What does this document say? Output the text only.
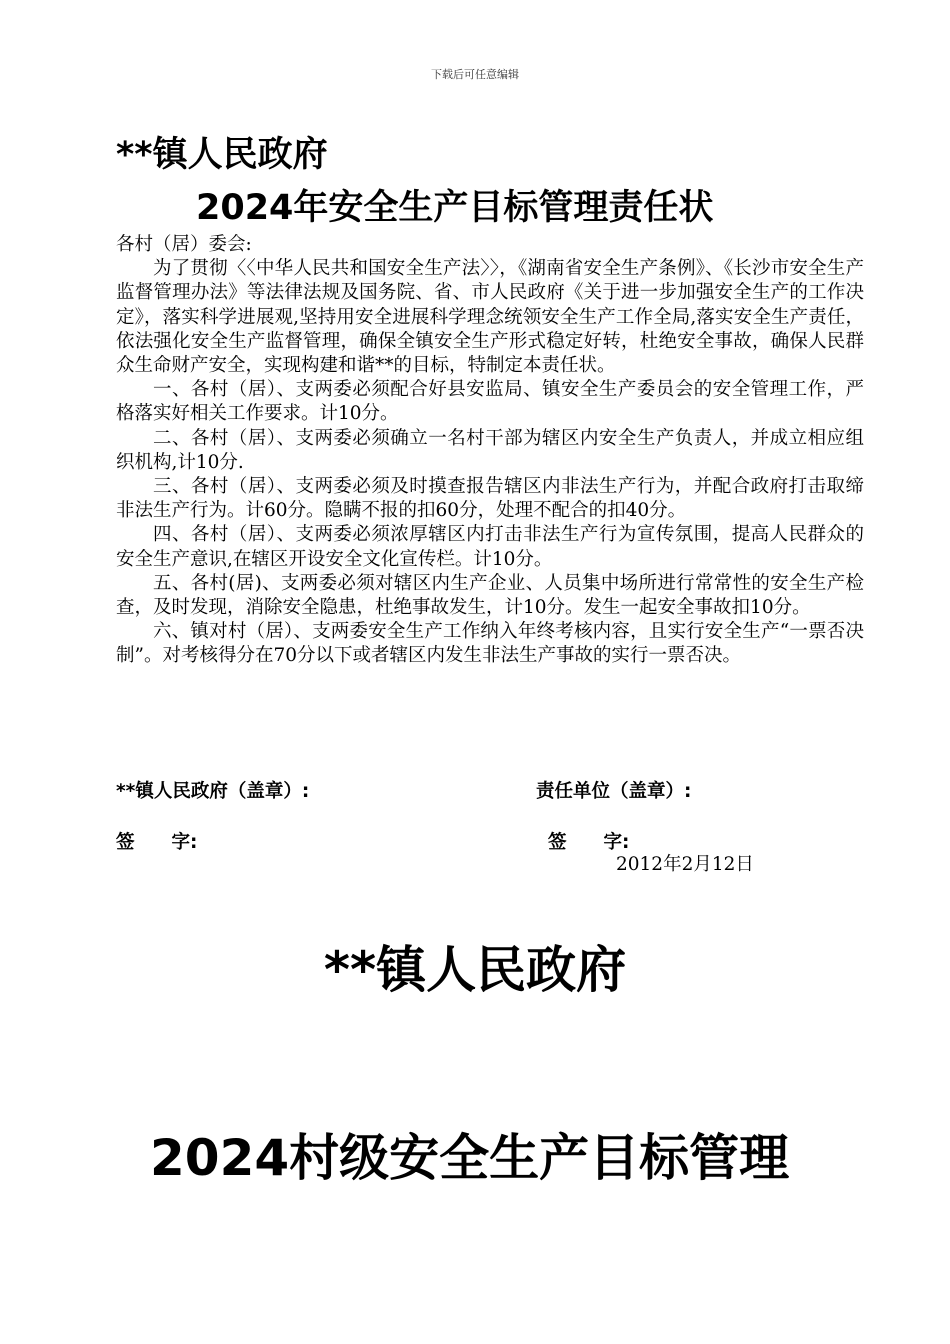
下载后可任意编辑
**镇人民政府
2024年安全生产目标管理责任状

各村（居）委会:

为了贯彻〈〈中华人民共和国安全生产法〉〉，《湖南省安全生产条例》、《长沙市安全生产监督管理办法》等法律法规及国务院、省、市人民政府《关于进一步加强安全生产的工作决定》，落实科学进展观,坚持用安全进展科学理念统领安全生产工作全局,落实安全生产责任，依法强化安全生产监督管理，确保全镇安全生产形式稳定好转，杜绝安全事故，确保人民群众生命财产安全，实现构建和谐**的目标，特制定本责任状。

一、各村（居）、支两委必须配合好县安监局、镇安全生产委员会的安全管理工作，严格落实好相关工作要求。计10分。

二、各村（居）、支两委必须确立一名村干部为辖区内安全生产负责人，并成立相应组织机构,计10分.

三、各村（居）、支两委必须及时摸查报告辖区内非法生产行为，并配合政府打击取缔非法生产行为。计60分。隐瞒不报的扣60分，处理不配合的扣40分。

四、各村（居）、支两委必须浓厚辖区内打击非法生产行为宣传氛围，提高人民群众的安全生产意识,在辖区开设安全文化宣传栏。计10分。

五、各村(居)、支两委必须对辖区内生产企业、人员集中场所进行常常性的安全生产检查，及时发现，消除安全隐患，杜绝事故发生，计10分。发生一起安全事故扣10分。

六、镇对村（居）、支两委安全生产工作纳入年终考核内容，且实行安全生产“一票否决制”。对考核得分在70分以下或者辖区内发生非法生产事故的实行一票否决。

**镇人民政府（盖章）:	责任单位（盖章）:
签　　字:	签　　字:
2012年2月12日
**镇人民政府
2024村级安全生产目标管理
